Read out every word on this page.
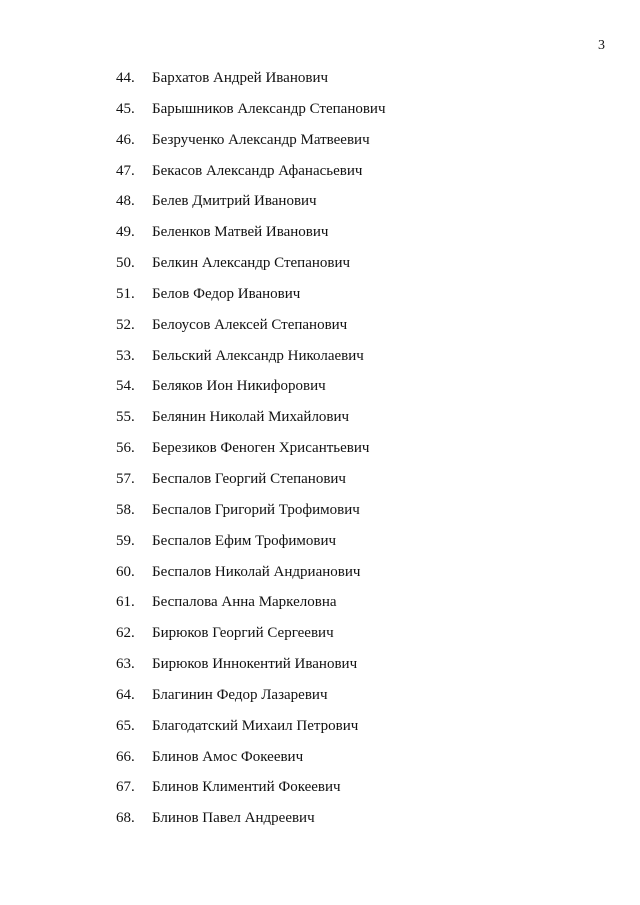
3
44. Бархатов Андрей Иванович
45. Барышников Александр Степанович
46. Безрученко Александр Матвеевич
47. Бекасов Александр Афанасьевич
48. Белев Дмитрий Иванович
49. Беленков Матвей Иванович
50. Белкин Александр Степанович
51. Белов Федор Иванович
52. Белоусов Алексей Степанович
53. Бельский Александр Николаевич
54. Беляков Ион Никифорович
55. Белянин Николай Михайлович
56. Березиков Феноген Хрисантьевич
57. Беспалов Георгий Степанович
58. Беспалов Григорий Трофимович
59. Беспалов Ефим Трофимович
60. Беспалов Николай Андрианович
61. Беспалова Анна Маркеловна
62. Бирюков Георгий Сергеевич
63. Бирюков Иннокентий Иванович
64. Благинин Федор Лазаревич
65. Благодатский Михаил Петрович
66. Блинов Амос Фокеевич
67. Блинов Климентий Фокеевич
68. Блинов Павел Андреевич
